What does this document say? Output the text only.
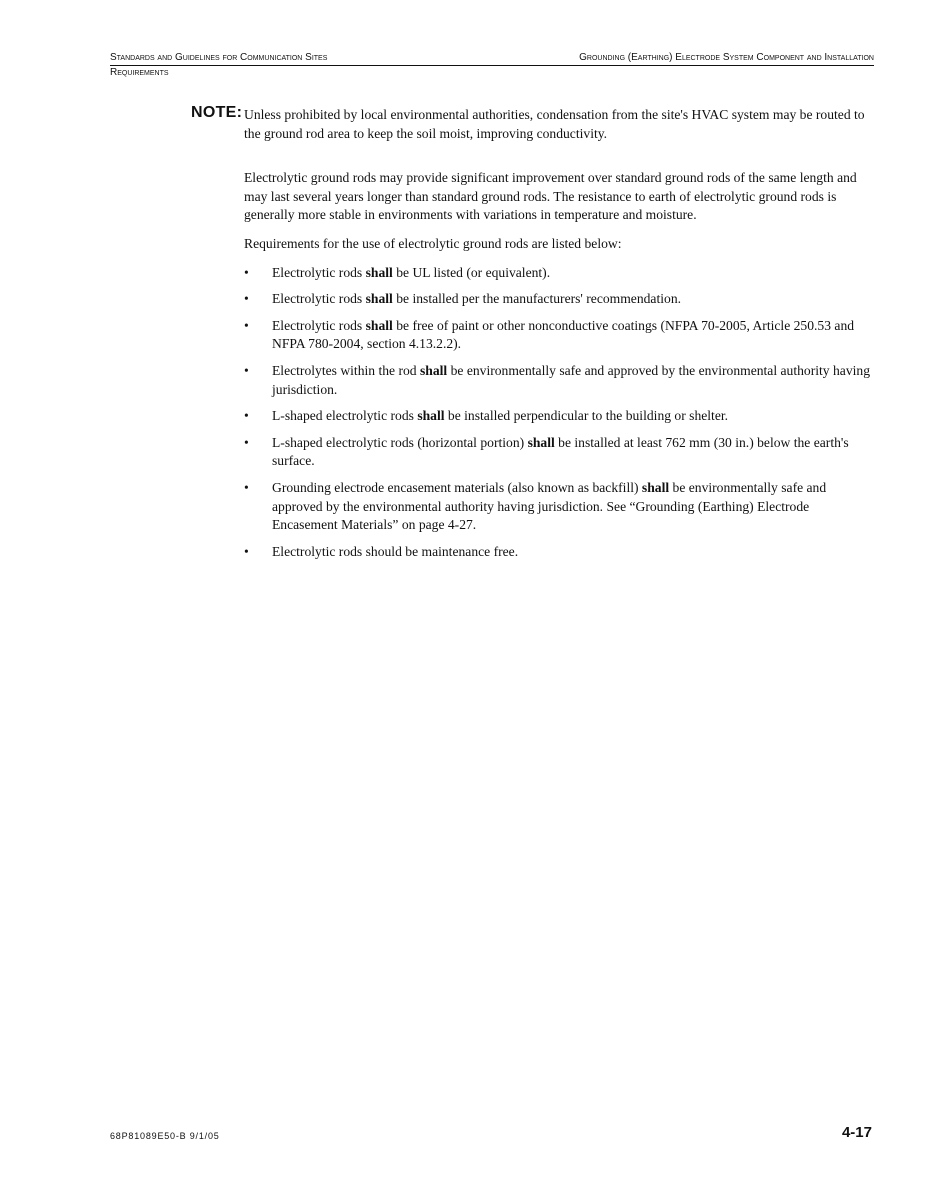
Standards and Guidelines for Communication Sites
Requirements
Grounding (Earthing) Electrode System Component and Installation
NOTE: Unless prohibited by local environmental authorities, condensation from the site's HVAC system may be routed to the ground rod area to keep the soil moist, improving conductivity.

Electrolytic ground rods may provide significant improvement over standard ground rods of the same length and may last several years longer than standard ground rods. The resistance to earth of electrolytic ground rods is generally more stable in environments with variations in temperature and moisture.

Requirements for the use of electrolytic ground rods are listed below:

• Electrolytic rods shall be UL listed (or equivalent).
• Electrolytic rods shall be installed per the manufacturers' recommendation.
• Electrolytic rods shall be free of paint or other nonconductive coatings (NFPA 70-2005, Article 250.53 and NFPA 780-2004, section 4.13.2.2).
• Electrolytes within the rod shall be environmentally safe and approved by the environmental authority having jurisdiction.
• L-shaped electrolytic rods shall be installed perpendicular to the building or shelter.
• L-shaped electrolytic rods (horizontal portion) shall be installed at least 762 mm (30 in.) below the earth's surface.
• Grounding electrode encasement materials (also known as backfill) shall be environmentally safe and approved by the environmental authority having jurisdiction. See “Grounding (Earthing) Electrode Encasement Materials” on page 4-27.
• Electrolytic rods should be maintenance free.
68P81089E50-B 9/1/05	4-17
